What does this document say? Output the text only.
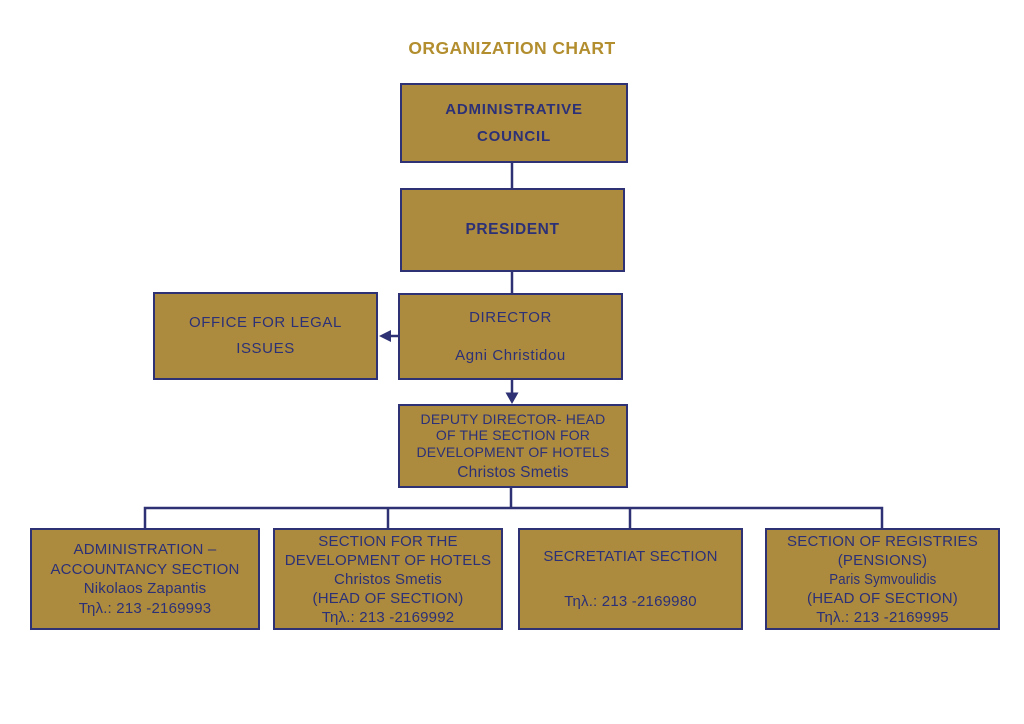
ORGANIZATION CHART
ADMINISTRATIVE
COUNCIL
PRESIDENT
OFFICE FOR LEGAL
ISSUES
DIRECTOR
Agni Christidou
DEPUTY DIRECTOR- HEAD
OF THE SECTION FOR
DEVELOPMENT OF HOTELS
Christos Smetis
ADMINISTRATION –
ACCOUNTANCY SECTION
Nikolaos Zapantis
Τηλ.: 213 -2169993
SECTION FOR THE
DEVELOPMENT OF HOTELS
Christos Smetis
(HEAD OF SECTION)
Τηλ.: 213 -2169992
SECRETATIAT SECTION
Τηλ.: 213 -2169980
SECTION OF REGISTRIES
(PENSIONS)
Paris Symvoulidis
(HEAD OF SECTION)
Τηλ.: 213 -2169995
